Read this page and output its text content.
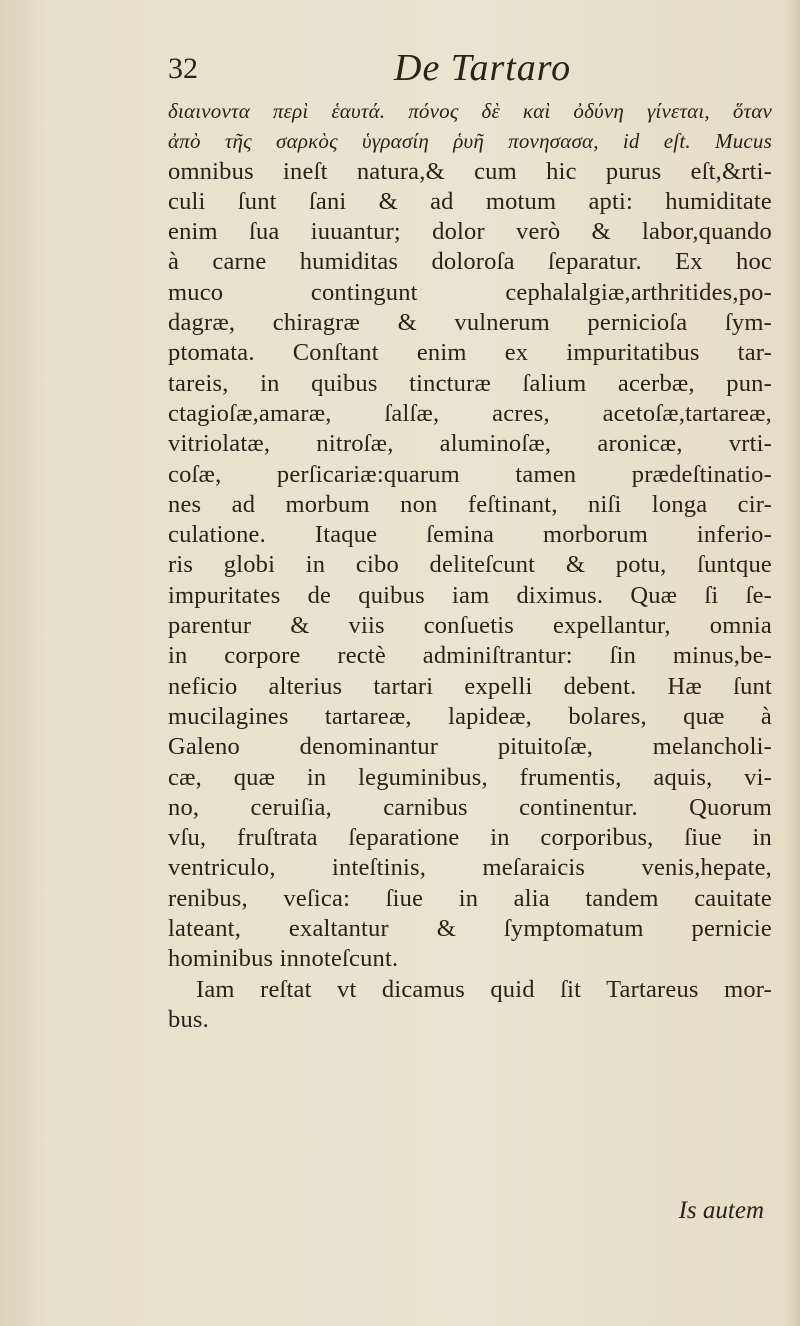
32	De Tartaro
διαινοντα περὶ ἑαυτά. πόνος δὲ καὶ ὀδύνη γίνεται, ὅταν
ἀπὸ τῆς σαρκὸς ὑγρασίη ῥυῆ πονησασα, id eſt. Mucus
omnibus ineſt natura,& cum hic purus eſt,&rti-
culi ſunt ſani & ad motum apti: humiditate
enim ſua iuuantur; dolor verò & labor,quando
à carne humiditas doloroſa ſeparatur. Ex hoc
muco contingunt cephalalgiæ,arthritides,po-
dagræ, chiragræ & vulnerum pernicioſa ſym-
ptomata. Conſtant enim ex impuritatibus tar-
tareis, in quibus tincturæ ſalium acerbæ, pun-
ctagioſæ,amaræ, ſalſæ, acres, acetoſæ,tartareæ,
vitriolatæ, nitroſæ, aluminoſæ, aronicæ, vrti-
coſæ, perſicariæ:quarum tamen prædeſtinatio-
nes ad morbum non feſtinant, niſi longa cir-
culatione. Itaque ſemina morborum inferio-
ris globi in cibo deliteſcunt & potu, ſuntque
impuritates de quibus iam diximus. Quæ ſi ſe-
parentur & viis conſuetis expellantur, omnia
in corpore rectè adminiſtrantur: ſin minus,be-
neficio alterius tartari expelli debent. Hæ ſunt
mucilagines tartareæ, lapideæ, bolares, quæ à
Galeno denominantur pituitoſæ, melancholi-
cæ, quæ in leguminibus, frumentis, aquis, vi-
no, ceruiſia, carnibus continentur. Quorum
vſu, fruſtrata ſeparatione in corporibus, ſiue in
ventriculo, inteſtinis, meſaraicis venis,hepate,
renibus, veſica: ſiue in alia tandem cauitate
lateant, exaltantur & ſymptomatum pernicie
hominibus innoteſcunt.
Iam reſtat vt dicamus quid ſit Tartareus mor-
bus.
Is autem
